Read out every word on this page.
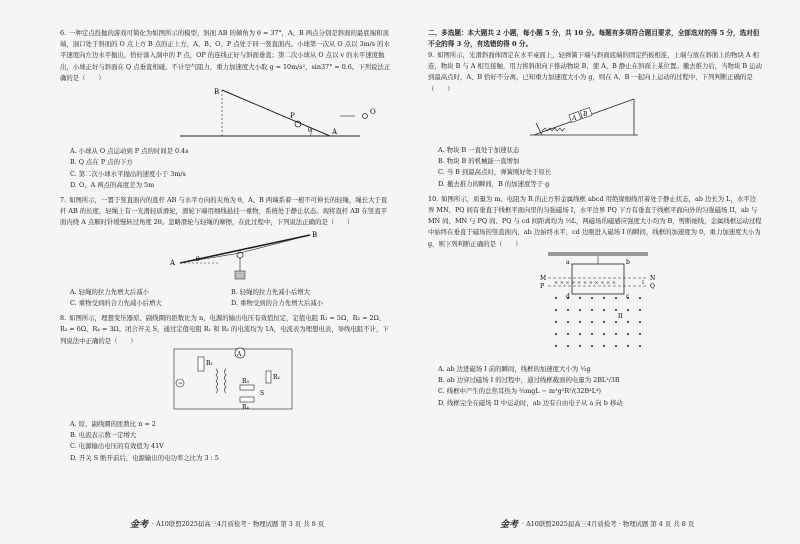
6. 一种定点投抛的游戏可简化为如图所示的模型，斜面 AB 的倾角为 θ = 37°，A、B 两点分别是斜面的最底端和顶端，洞口处于斜面的 O 点上方 B 点的正上方，A、B、O、P 点处于同一竖直面内。小球第一次从 O 点以 3m/s 的水平速度向左边水平抛出，恰好落入洞中的 P 点，OP 的连线正好与斜面垂直；第二次小球从 O 点以 v 的水平速度抛出，小球正好与斜面在 Q 点垂直相碰。不计空气阻力，重力加速度大小取 g = 10m/s²，sin37° = 0.6。下列说法正确的是（　　）
B
P	O
θ	A
A. 小球从 O 点运动到 P 点的时间是 0.4s
B. Q 点在 P 点的下方
C. 第二次小球水平抛出的速度小于 3m/s
D. O、A 两点的高度差为 5m
7. 如图所示，一置于竖直面内的直杆 AB 与水平方向的夹角为 θ，A、B 两端系着一根不可伸长的轻绳，绳长大于直杆 AB 的长度，轻绳上有一光滑轻质滑轮，滑轮下端用细线悬挂一重物，系统处于静止状态。现将直杆 AB 在竖直平面内绕 A 点顺时针缓慢转过角度 2θ。忽略滑轮与轻绳的摩擦，在此过程中，下列说法正确的是（　　）
B
A	θ
A. 轻绳的拉力先增大后减小	B. 轻绳的拉力先减小后增大
C. 重物受到的合力先减小后增大	D. 重物受到的合力先增大后减小
8. 如图所示，理想变压器原、副线圈的匝数比为 n，电源的输出电压有效值恒定，定值电阻 R₁ = 5Ω、R₂ = 2Ω、R₃ = 6Ω、R₄ = 3Ω。闭合开关 S，通过定值电阻 R₁ 和 R₂ 的电流均为 1A，电流表为理想电表，导线电阻不计，下列说法中正确的是（　　）
A
R₁
R₂
R₃
R₄
S
~
A. 原、副线圈的匝数比 n = 2
B. 电流表示数一定增大
C. 电源输出电压的有效值为 41V
D. 开关 S 断开前后，电源输出的电功率之比为 3 : 5
金考 · A10联盟2025届高三4月质检考 · 物理试题 第 3 页 共 8 页
二、多选题：本大题共 2 小题，每小题 5 分，共 10 分。每题有多项符合题目要求，全部选对的得 5 分，选对但不全的得 3 分，有选错的得 0 分。
9. 如图所示，光滑斜面体固定在水平桌面上，轻弹簧下端与斜面底端的固定挡板相连，上端与放在斜面上的物块 A 相连，物块 B 与 A 相互接触，用力将斜面向下推动物块 B，使 A、B 静止在斜面上某位置。撤去推力后，当物块 B 运动到最高点时，A、B 恰好不分离，已知重力加速度大小为 g，则在 A、B 一起向上运动的过程中，下列判断正确的是（　　）
A
B
A. 物块 B 一直处于加速状态
B. 物块 B 的机械能一直增加
C. 当 B 到最高点时，弹簧刚好处于原长
D. 撤去推力的瞬间，B 的加速度等于 g
10. 如图所示，质量为 m、电阻为 R 的正方形金属线框 abcd 用绝缘细线吊着处于静止状态，ab 边长为 L，水平边界 MN、PQ 间有垂直于线框平面向里的匀强磁场 I，水平边界 PQ 下方有垂直于线框平面向外的匀强磁场 II，ab 与 MN 间、MN 与 PQ 间、PQ 与 cd 间距离均为 ⅓L，两磁场的磁感应强度大小均为 B，剪断细线，金属线框运动过程中始终在垂直于磁场的竖直面内，ab 边始终水平，cd 边刚进入磁场 I 的瞬间，线框的加速度为 0，重力加速度大小为 g，则下列判断正确的是（　　）
× × × × × × × × × × ×
a	b
c
d
M	N
P	Q
I
II
A. ab 边进磁场 I 前的瞬间，线框的加速度大小为 ½g
B. ab 边穿过磁场 I 的过程中，通过线框截面的电量为 2BL²/3R
C. 线框中产生的总焦耳热为 ⅔mgL − m³g²R²/(32B⁴L⁴)
D. 线框完全在磁场 II 中运动时，ab 边有自由电子从 a 向 b 移动
金考 · A10联盟2025届高三4月质检考 · 物理试题 第 4 页 共 8 页
